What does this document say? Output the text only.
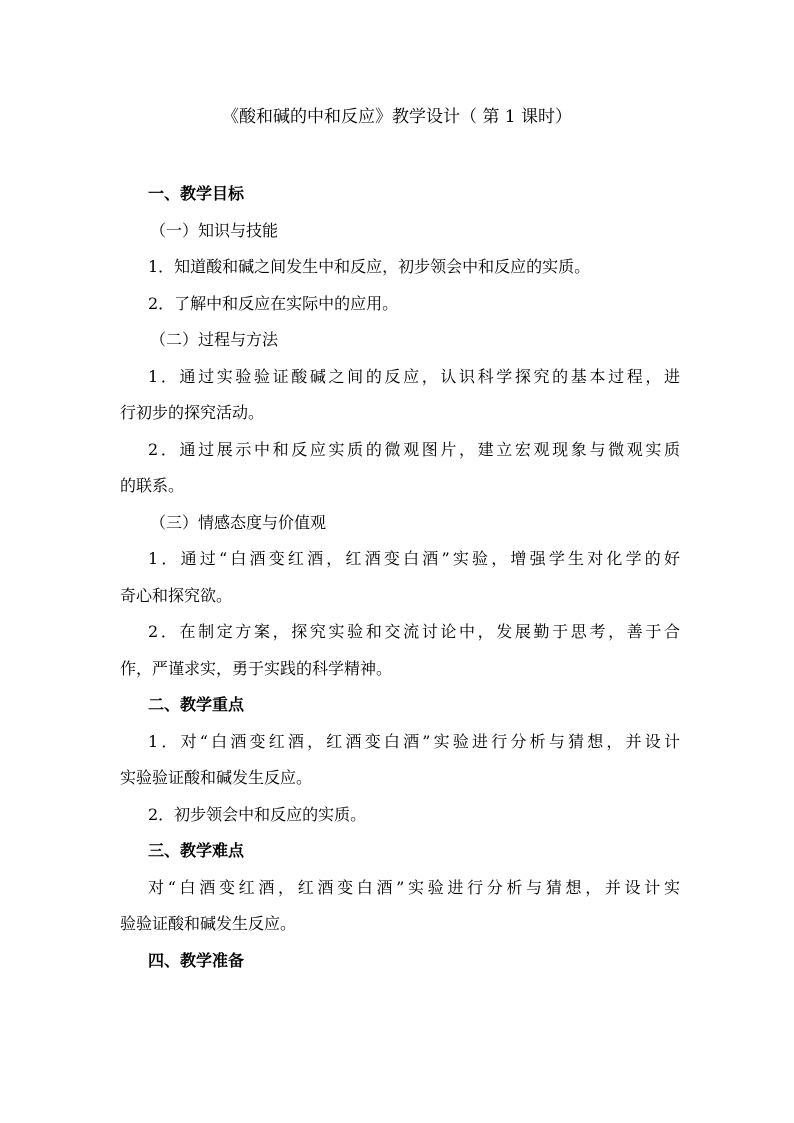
《酸和碱的中和反应》教学设计（ 第 1 课时）
一、教学目标
（一）知识与技能
1．知道酸和碱之间发生中和反应，初步领会中和反应的实质。
2．了解中和反应在实际中的应用。
（二）过程与方法
1．通过实验验证酸碱之间的反应，认识科学探究的基本过程，进
行初步的探究活动。
2．通过展示中和反应实质的微观图片，建立宏观现象与微观实质
的联系。
（三）情感态度与价值观
1．通过“白酒变红酒，红酒变白酒”实验，增强学生对化学的好
奇心和探究欲。
2．在制定方案，探究实验和交流讨论中，发展勤于思考，善于合
作，严谨求实，勇于实践的科学精神。
二、教学重点
1．对“白酒变红酒，红酒变白酒”实验进行分析与猜想，并设计
实验验证酸和碱发生反应。
2．初步领会中和反应的实质。
三、教学难点
对“白酒变红酒，红酒变白酒”实验进行分析与猜想，并设计实
验验证酸和碱发生反应。
四、教学准备
